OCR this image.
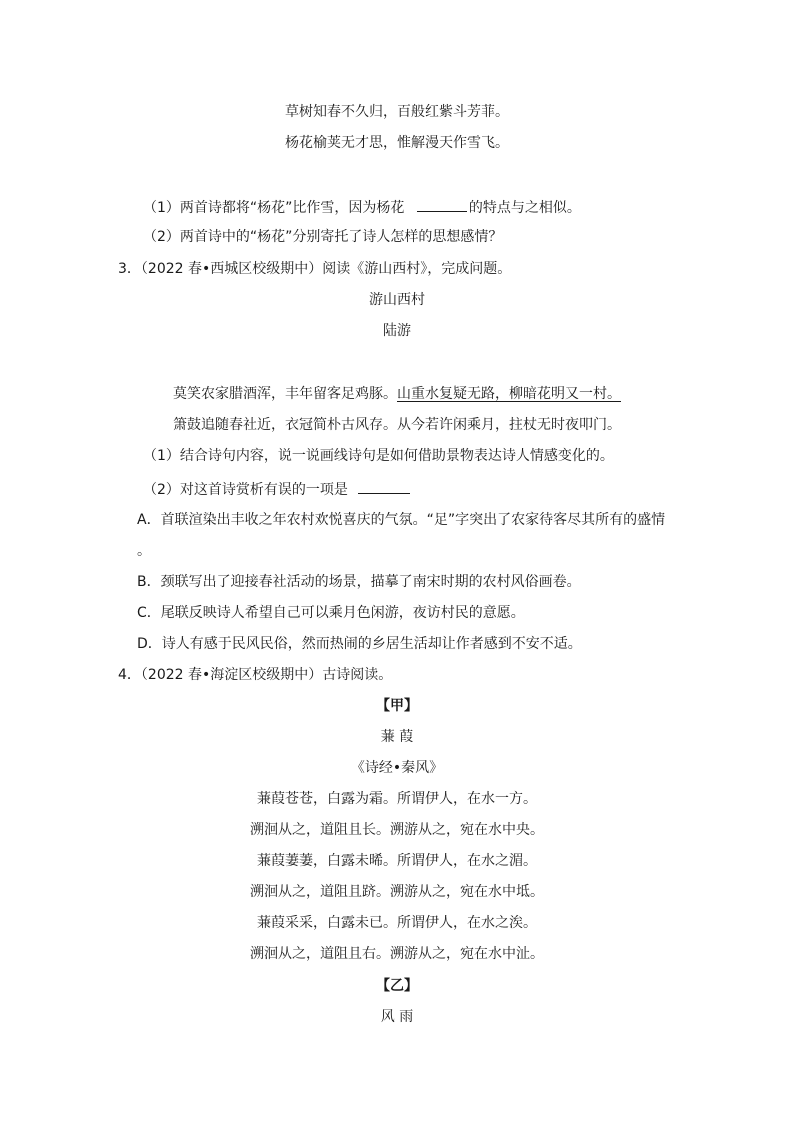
草树知春不久归，百般红紫斗芳菲。
杨花榆荚无才思，惟解漫天作雪飞。
（1）两首诗都将“杨花”比作雪，因为杨花	的特点与之相似。
（2）两首诗中的“杨花”分别寄托了诗人怎样的思想感情？
3．（2022 春•西城区校级期中）阅读《游山西村》，完成问题。
游山西村
陆游
莫笑农家腊酒浑，丰年留客足鸡豚。山重水复疑无路，柳暗花明又一村。
箫鼓追随春社近，衣冠简朴古风存。从今若许闲乘月，拄杖无时夜叩门。
（1）结合诗句内容，说一说画线诗句是如何借助景物表达诗人情感变化的。
（2）对这首诗赏析有误的一项是
A．首联渲染出丰收之年农村欢悦喜庆的气氛。“足”字突出了农家待客尽其所有的盛情
。
B．颈联写出了迎接春社活动的场景，描摹了南宋时期的农村风俗画卷。
C．尾联反映诗人希望自己可以乘月色闲游，夜访村民的意愿。
D．诗人有感于民风民俗，然而热闹的乡居生活却让作者感到不安不适。
4．（2022 春•海淀区校级期中）古诗阅读。
【甲】
蒹 葭
《诗经•秦风》
蒹葭苍苍，白露为霜。所谓伊人，在水一方。
溯洄从之，道阻且长。溯游从之，宛在水中央。
蒹葭萋萋，白露未晞。所谓伊人，在水之湄。
溯洄从之，道阻且跻。溯游从之，宛在水中坻。
蒹葭采采，白露未已。所谓伊人，在水之涘。
溯洄从之，道阻且右。溯游从之，宛在水中沚。
【乙】
风 雨
